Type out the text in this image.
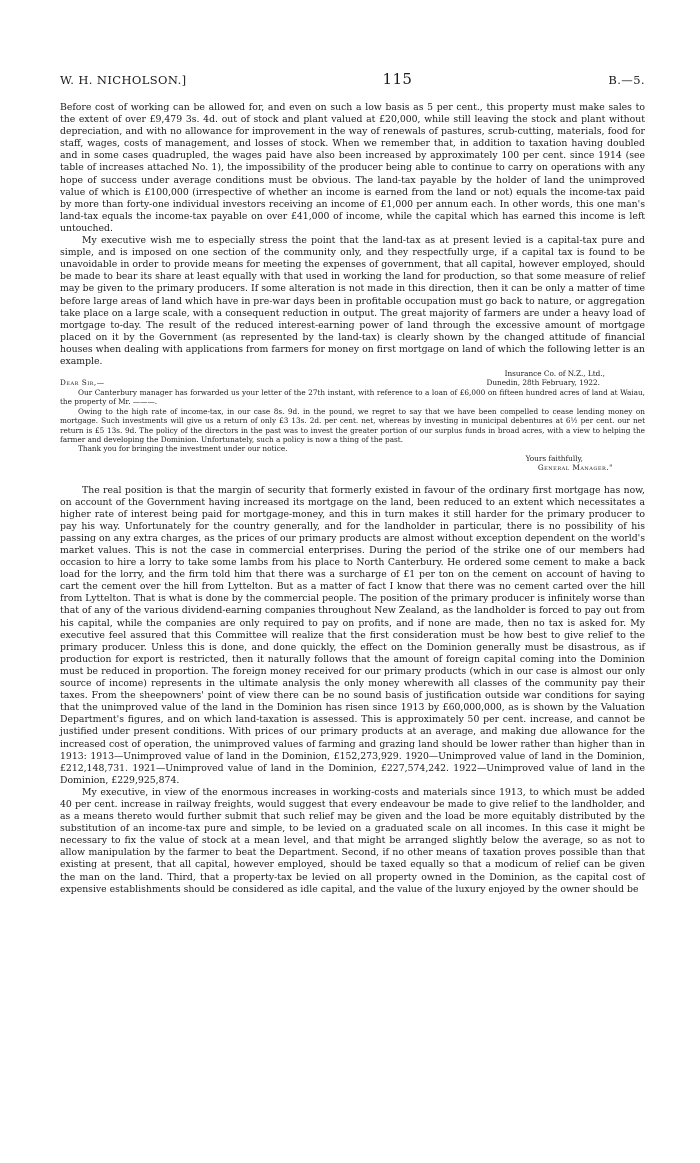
W. H. NICHOLSON.]	115	B.—5.

Before cost of working can be allowed for, and even on such a low basis as 5 per cent., this property must make sales to the extent of over £9,479 3s. 4d. out of stock and plant valued at £20,000, while still leaving the stock and plant without depreciation, and with no allowance for improvement in the way of renewals of pastures, scrub-cutting, materials, food for staff, wages, costs of management, and losses of stock. When we remember that, in addition to taxation having doubled and in some cases quadrupled, the wages paid have also been increased by approximately 100 per cent. since 1914 (see table of increases attached No. 1), the impossibility of the producer being able to continue to carry on operations with any hope of success under average conditions must be obvious. The land-tax payable by the holder of land the unimproved value of which is £100,000 (irrespective of whether an income is earned from the land or not) equals the income-tax paid by more than forty-one individual investors receiving an income of £1,000 per annum each. In other words, this one man's land-tax equals the income-tax payable on over £41,000 of income, while the capital which has earned this income is left untouched.

My executive wish me to especially stress the point that the land-tax as at present levied is a capital-tax pure and simple, and is imposed on one section of the community only, and they respectfully urge, if a capital tax is found to be unavoidable in order to provide means for meeting the expenses of government, that all capital, however employed, should be made to bear its share at least equally with that used in working the land for production, so that some measure of relief may be given to the primary producers. If some alteration is not made in this direction, then it can be only a matter of time before large areas of land which have in pre-war days been in profitable occupation must go back to nature, or aggregation take place on a large scale, with a consequent reduction in output. The great majority of farmers are under a heavy load of mortgage to-day. The result of the reduced interest-earning power of land through the excessive amount of mortgage placed on it by the Government (as represented by the land-tax) is clearly shown by the changed attitude of financial houses when dealing with applications from farmers for money on first mortgage on land of which the following letter is an example.

Insurance Co. of N.Z., Ltd.,
Dear Sir,—	Dunedin, 28th February, 1922.
Our Canterbury manager has forwarded us your letter of the 27th instant, with reference to a loan of £6,000 on fifteen hundred acres of land at Waiau, the property of Mr. ———.
Owing to the high rate of income-tax, in our case 8s. 9d. in the pound, we regret to say that we have been compelled to cease lending money on mortgage. Such investments will give us a return of only £3 13s. 2d. per cent. net, whereas by investing in municipal debentures at 6½ per cent. our net return is £5 13s. 9d. The policy of the directors in the past was to invest the greater portion of our surplus funds in broad acres, with a view to helping the farmer and developing the Dominion. Unfortunately, such a policy is now a thing of the past.
Thank you for bringing the investment under our notice.
Yours faithfully,
General Manager."

The real position is that the margin of security that formerly existed in favour of the ordinary first mortgage has now, on account of the Government having increased its mortgage on the land, been reduced to an extent which necessitates a higher rate of interest being paid for mortgage-money, and this in turn makes it still harder for the primary producer to pay his way. Unfortunately for the country generally, and for the landholder in particular, there is no possibility of his passing on any extra charges, as the prices of our primary products are almost without exception dependent on the world's market values. This is not the case in commercial enterprises. During the period of the strike one of our members had occasion to hire a lorry to take some lambs from his place to North Canterbury. He ordered some cement to make a back load for the lorry, and the firm told him that there was a surcharge of £1 per ton on the cement on account of having to cart the cement over the hill from Lyttelton. But as a matter of fact I know that there was no cement carted over the hill from Lyttelton. That is what is done by the commercial people. The position of the primary producer is infinitely worse than that of any of the various dividend-earning companies throughout New Zealand, as the landholder is forced to pay out from his capital, while the companies are only required to pay on profits, and if none are made, then no tax is asked for. My executive feel assured that this Committee will realize that the first consideration must be how best to give relief to the primary producer. Unless this is done, and done quickly, the effect on the Dominion generally must be disastrous, as if production for export is restricted, then it naturally follows that the amount of foreign capital coming into the Dominion must be reduced in proportion. The foreign money received for our primary products (which in our case is almost our only source of income) represents in the ultimate analysis the only money wherewith all classes of the community pay their taxes. From the sheepowners' point of view there can be no sound basis of justification outside war conditions for saying that the unimproved value of the land in the Dominion has risen since 1913 by £60,000,000, as is shown by the Valuation Department's figures, and on which land-taxation is assessed. This is approximately 50 per cent. increase, and cannot be justified under present conditions. With prices of our primary products at an average, and making due allowance for the increased cost of operation, the unimproved values of farming and grazing land should be lower rather than higher than in 1913: 1913—Unimproved value of land in the Dominion, £152,273,929. 1920—Unimproved value of land in the Dominion, £212,148,731. 1921—Unimproved value of land in the Dominion, £227,574,242. 1922—Unimproved value of land in the Dominion, £229,925,874.

My executive, in view of the enormous increases in working-costs and materials since 1913, to which must be added 40 per cent. increase in railway freights, would suggest that every endeavour be made to give relief to the landholder, and as a means thereto would further submit that such relief may be given and the load be more equitably distributed by the substitution of an income-tax pure and simple, to be levied on a graduated scale on all incomes. In this case it might be necessary to fix the value of stock at a mean level, and that might be arranged slightly below the average, so as not to allow manipulation by the farmer to beat the Department. Second, if no other means of taxation proves possible than that existing at present, that all capital, however employed, should be taxed equally so that a modicum of relief can be given the man on the land. Third, that a property-tax be levied on all property owned in the Dominion, as the capital cost of expensive establishments should be considered as idle capital, and the value of the luxury enjoyed by the owner should be
